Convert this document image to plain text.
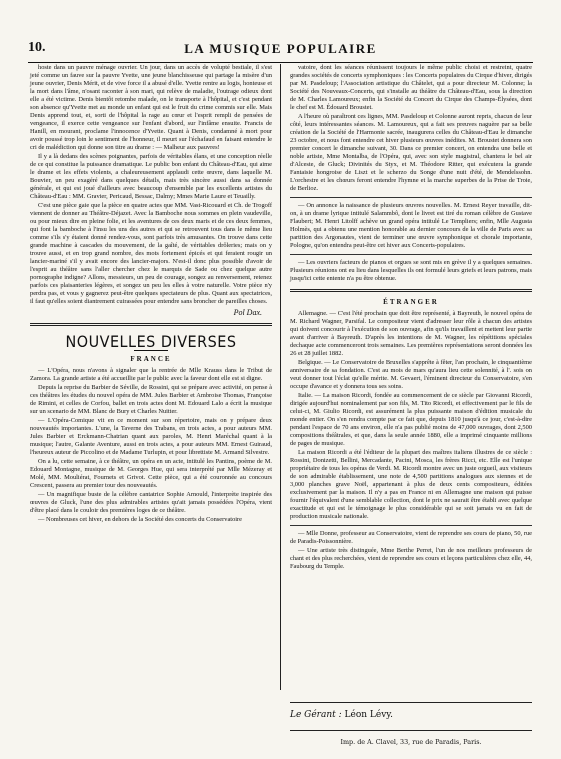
10.	LA MUSIQUE POPULAIRE

hoste dans un pauvre ménage ouvrier. Un jour, dans un accès de volupté bestiale, il s'est jeté comme un fauve sur la pauvre Yvette, une jeune blanchisseuse qui partage la misère d'un jeune ouvrier, Denis Mérit, et de vive force il a abusé d'elle. Yvette rentre au logis, honteuse et la mort dans l'âme, n'osant raconter à son mari, qui relève de maladie, l'outrage odieux dont elle a été victime. Denis bientôt retombe malade, on le transporte à l'hôpital, et c'est pendant son absence qu'Yvette met au monde un enfant qui est le fruit du crime commis sur elle. Mais Denis apprend tout, et, sorti de l'hôpital la rage au cœur et l'esprit rempli de pensées de vengeance, il exerce cette vengeance sur l'enfant d'abord, sur l'infâme ensuite. Francis de Hanill, en mourant, proclame l'innocence d'Yvette. Quant à Denis, condamné à mort pour avoir poussé trop loin le sentiment de l'honneur, il meurt sur l'échafaud en faisant entendre le cri de malédiction qui donne son titre au drame : — Malheur aux pauvres!

Il y a là dedans des scènes poignantes, parfois de véritables élans, et une conception réelle de ce qui constitue la puissance dramatique. Le public bon enfant du Château-d'Eau, qui aime le drame et les effets violents, a chaleureusement applaudi cette œuvre, dans laquelle M. Bouvier, un peu exagéré dans quelques détails, mais très sincère aussi dans sa donnée générale, et qui est joué d'ailleurs avec beaucoup d'ensemble par les excellents artistes du Château-d'Eau : MM. Gravier, Pericaud, Bessac, Dalmy; Mmes Marie Laure et Teuailly.

C'est une pièce gaie que la pièce en quatre actes que MM. Vast-Ricouard et Ch. de Trogoff viennent de donner au Théâtre-Déjazet. Avec la Bamboche nous sommes en plein vaudeville, ou pour mieux dire en pleine folie, et les aventures de ces deux maris et de ces deux femmes, qui font la bamboche à l'insu les uns des autres et qui se retrouvent tous dans le même lieu comme s'ils s'y étaient donné rendez-vous, sont parfois très amusantes. On trouve dans cette grande machine à cascades du mouvement, de la gaîté, de véritables drôleries; mais on y trouve aussi, et en trop grand nombre, des mots fortement épicés et qui feraient rougir un lancier-mariné s'il y avait encore des lancier-majors. N'est-il donc plus possible d'avoir de l'esprit au théâtre sans l'aller chercher chez le marquis de Sade ou chez quelque autre pornographe indigne? Allons, messieurs, un peu de courage, songez au renversement, retenez parfois ces plaisanteries légères, et songez un peu les elles à votre naturelle. Votre pièce n'y perdra pas, et vous y gagnerez peut-être quelques spectateurs de plus. Quant aux spectatrices, il faut qu'elles soient diantrement cuirassées pour entendre sans broncher de pareilles choses.

Pol Dax.
NOUVELLES DIVERSES
FRANCE

— L'Opéra, nous n'avons à signaler que la rentrée de Mlle Krauss dans le Tribut de Zamora. La grande artiste a été accueillie par le public avec la faveur dont elle est si digne.

Depuis la reprise du Barbier de Séville, de Rossini, qui se prépare avec activité, on pense à ces théâtres les études du nouvel opéra de MM. Jules Barbier et Ambroise Thomas, Françoise de Rimini, et celles de Corfou, ballet en trois actes dont M. Edouard Lalo a écrit la musique sur un scenario de MM. Blanc de Bury et Charles Nuitter.

— L'Opéra-Comique vit en ce moment sur son répertoire, mais on y prépare deux nouveautés importantes. L'une, la Taverne des Trabans, en trois actes, a pour auteurs MM. Jules Barbier et Erckmann-Chatrian quant aux paroles, M. Henri Maréchal quant à la musique; l'autre, Galante Aventure, aussi en trois actes, a pour auteurs MM. Ernest Guiraud, l'heureux auteur de Piccolino et de Madame Turlupin, et pour librettiste M. Armand Silvestre.

On a lu, cette semaine, à ce théâtre, un opéra en un acte, intitulé les Pantins, poème de M. Edouard Montagne, musique de M. Georges Hue, qui sera interprété par Mlle Mézeray et Molé, MM. Mouliérat, Fournets et Grivot. Cette pièce, qui a été couronnée au concours Crescent, passera au premier tour des nouveautés.

— Un magnifique buste de la célèbre cantatrice Sophie Arnould, l'interprète inspirée des œuvres de Gluck, l'une des plus admirables artistes qu'ait jamais possédées l'Opéra, vient d'être placé dans le couloir des premières loges de ce théâtre.

— Nombreuses cet hiver, en dehors de la Société des concerts du Conservatoire

vatoire, dont les séances réunissent toujours le même public choisi et restreint, quatre grandes sociétés de concerts symphoniques : les Concerts populaires du Cirque d'hiver, dirigés par M. Pasdeloup; l'Association artistique du Châtelet, qui a pour directeur M. Colonne; la Société des Nouveaux-Concerts, qui s'installe au théâtre du Château-d'Eau, sous la direction de M. Charles Lamoureux; enfin la Société du Concert du Cirque des Champs-Élysées, dont le chef est M. Édouard Broustet.

A l'heure où paraîtront ces lignes, MM. Pasdeloup et Colonne auront repris, chacun de leur côté, leurs intéressantes séances. M. Lamoureux, qui a fait ses preuves naguère par sa belle création de la Société de l'Harmonie sacrée, inaugurera celles du Château-d'Eau le dimanche 23 octobre, et nous font entendre cet hiver plusieurs œuvres inédites. M. Broustet donnera son premier concert le dimanche suivant, 30. Dans ce premier concert, on entendra une belle et noble artiste, Mme Montalba, de l'Opéra, qui, avec son style magistral, chantera le bel air d'Alceste, de Gluck; Divinités du Styx, et M. Théodore Ritter, qui exécutera la grande Fantaisie hongroise de Liszt et le scherzo du Songe d'une nuit d'été, de Mendelssohn. L'orchestre et les chœurs feront entendre l'hymne et la marche superbes de la Prise de Troie, de Berlioz.

— On annonce la naissance de plusieurs œuvres nouvelles. M. Ernest Reyer travaille, dit-on, à un drame lyrique intitulé Salammbô, dont le livret est tiré du roman célèbre de Gustave Flaubert; M. Henri Litolff achève un grand opéra intitulé Le Templiers; enfin, Mlle Augusta Holmès, qui a obtenu une mention honorable au dernier concours de la ville de Paris avec sa partition des Argonautes, vient de terminer une œuvre symphonique et chorale importante, Pologne, qu'on entendra peut-être cet hiver aux Concerts-populaires.

— Les ouvriers facteurs de pianos et orgues se sont mis en grève il y a quelques semaines. Plusieurs réunions ont eu lieu dans lesquelles ils ont formulé leurs griefs et leurs patrons, mais jusqu'ici cette entente n'a pu être obtenue.

ÉTRANGER

Allemagne. — C'est l'été prochain que doit être représenté, à Bayreuth, le nouvel opéra de M. Richard Wagner, Parsifal. Le compositeur vient d'adresser leur rôle à chacun des artistes qui doivent concourir à l'exécution de son ouvrage, afin qu'ils travaillent et mettent leur partie avant d'arriver à Bayreuth. D'après les intentions de M. Wagner, les répétitions spéciales dechaque acte commenceront trois semaines. Les premières représentations seront données les 26 et 28 juillet 1882.

Belgique. — Le Conservatoire de Bruxelles s'apprête à fêter, l'an prochain, le cinquantième anniversaire de sa fondation. C'est au mois de mars qu'aura lieu cette solennité, à l'. sois on veut donner tout l'éclat qu'elle mérite. M. Gevaert, l'éminent directeur du Conservatoire, s'en occupe d'avance et y donnera tous ses soins.

Italie. — La maison Ricordi, fondée au commencement de ce siècle par Giovanni Ricordi, dirigée aujourd'hui nominalement par son fils, M. Tito Ricordi, et effectivement par le fils de celui-ci, M. Giulio Ricordi, est assurément la plus puissante maison d'édition musicale du monde entier. On s'en rendra compte par ce fait que, depuis 1810 jusqu'à ce jour, c'est-à-dire pendant l'espace de 70 ans environ, elle n'a pas publié moins de 47,000 ouvrages, dont 2,500 compositions théâtrales, et que, dans la seule année 1880, elle a imprimé cinquante millions de pages de musique.

La maison Ricordi a été l'éditeur de la plupart des maîtres italiens illustres de ce siècle : Rossini, Donizetti, Bellini, Mercadante, Pacini, Mosca, les frères Ricci, etc. Elle est l'unique propriétaire de tous les opéras de Verdi. M. Ricordi montre avec un juste orgueil, aux visiteurs de son admirable établissement, une note de 4,500 partitions analogues aux siennes et de 3,000 planches grave Noël, appartenant à plus de deux cents compositeurs, éditées exclusivement par la maison. Il n'y a pas en France ni en Allemagne une maison qui puisse fournir l'équivalent d'une semblable collection, dont le prix ne saurait être établi avec quelque exactitude et qui est le témoignage le plus considérable qui se soit jamais vu en fait de production musicale nationale.

— Mlle Donne, professeur au Conservatoire, vient de reprendre ses cours de piano, 50, rue de Paradis-Poissonnière.

— Une artiste très distinguée, Mme Berthe Perret, l'un de nos meilleurs professeurs de chant et des plus recherchées, vient de reprendre ses cours et leçons particulières chez elle, 44, Faubourg du Temple.

Le Gérant : Léon Lévy.
Imp. de A. Clavel, 33, rue de Paradis, Paris.
